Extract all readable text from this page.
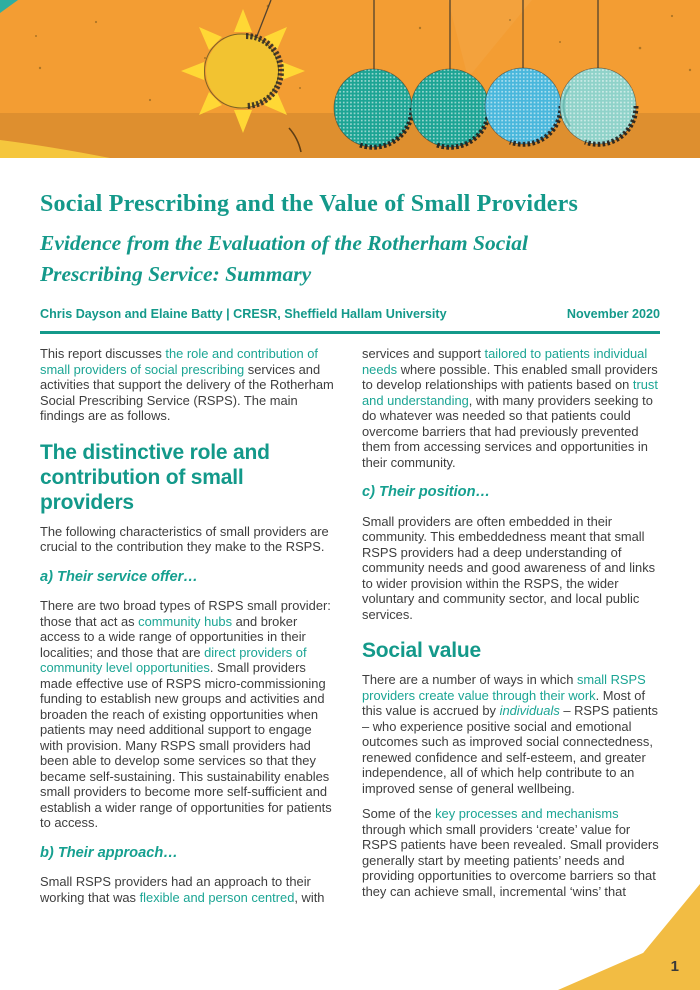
Social Prescribing and the Value of Small Providers
Evidence from the Evaluation of the Rotherham Social Prescribing Service: Summary
Chris Dayson and Elaine Batty | CRESR, Sheffield Hallam University	November 2020

This report discusses the role and contribution of small providers of social prescribing services and activities that support the delivery of the Rotherham Social Prescribing Service (RSPS). The main findings are as follows.

The distinctive role and contribution of small providers

The following characteristics of small providers are crucial to the contribution they make to the RSPS.

a) Their service offer…

There are two broad types of RSPS small provider: those that act as community hubs and broker access to a wide range of opportunities in their localities; and those that are direct providers of community level opportunities. Small providers made effective use of RSPS micro-commissioning funding to establish new groups and activities and broaden the reach of existing opportunities when patients may need additional support to engage with provision. Many RSPS small providers had been able to develop some services so that they became self-sustaining. This sustainability enables small providers to become more self-sufficient and establish a wider range of opportunities for patients to access.

b) Their approach…

Small RSPS providers had an approach to their working that was flexible and person centred, with

services and support tailored to patients individual needs where possible. This enabled small providers to develop relationships with patients based on trust and understanding, with many providers seeking to do whatever was needed so that patients could overcome barriers that had previously prevented them from accessing services and opportunities in their community.

c) Their position…

Small providers are often embedded in their community. This embeddedness meant that small RSPS providers had a deep understanding of community needs and good awareness of and links to wider provision within the RSPS, the wider voluntary and community sector, and local public services.

Social value

There are a number of ways in which small RSPS providers create value through their work. Most of this value is accrued by individuals – RSPS patients – who experience positive social and emotional outcomes such as improved social connectedness, renewed confidence and self-esteem, and greater independence, all of which help contribute to an improved sense of general wellbeing.

Some of the key processes and mechanisms through which small providers ‘create’ value for RSPS patients have been revealed. Small providers generally start by meeting patients’ needs and providing opportunities to overcome barriers so that they can achieve small, incremental ‘wins’ that

1
